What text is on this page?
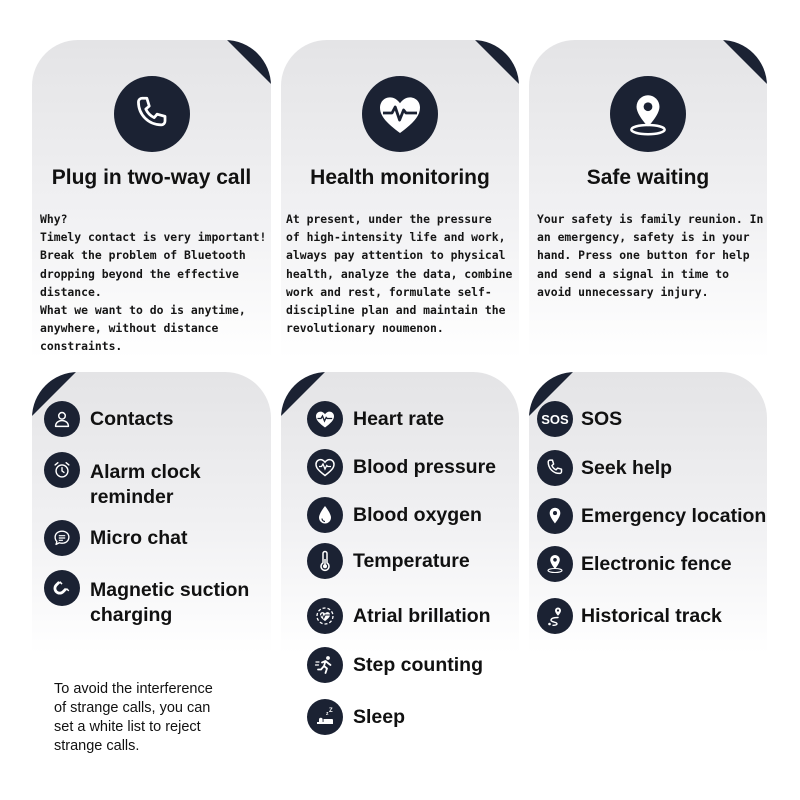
Plug in two-way call
Why?
Timely contact is very important!
Break the problem of Bluetooth
dropping beyond the effective
distance.
What we want to do is anytime,
anywhere, without distance
constraints.
Health monitoring
At present, under the pressure
of high-intensity life and work,
always pay attention to physical
health, analyze the data, combine
work and rest, formulate self-
discipline plan and maintain the
revolutionary noumenon.
Safe waiting
Your safety is family reunion. In
an emergency, safety is in your
hand. Press one button for help
and send a signal in time to
avoid unnecessary injury.
Contacts
Alarm clock
reminder
Micro chat
Magnetic suction
charging
Heart rate
Blood pressure
Blood oxygen
Temperature
Atrial brillation
Step counting
z Z Sleep
SOS SOS
Seek help
Emergency location
Electronic fence
Historical track
To avoid the interference
of strange calls, you can
set a white list to reject
strange calls.
